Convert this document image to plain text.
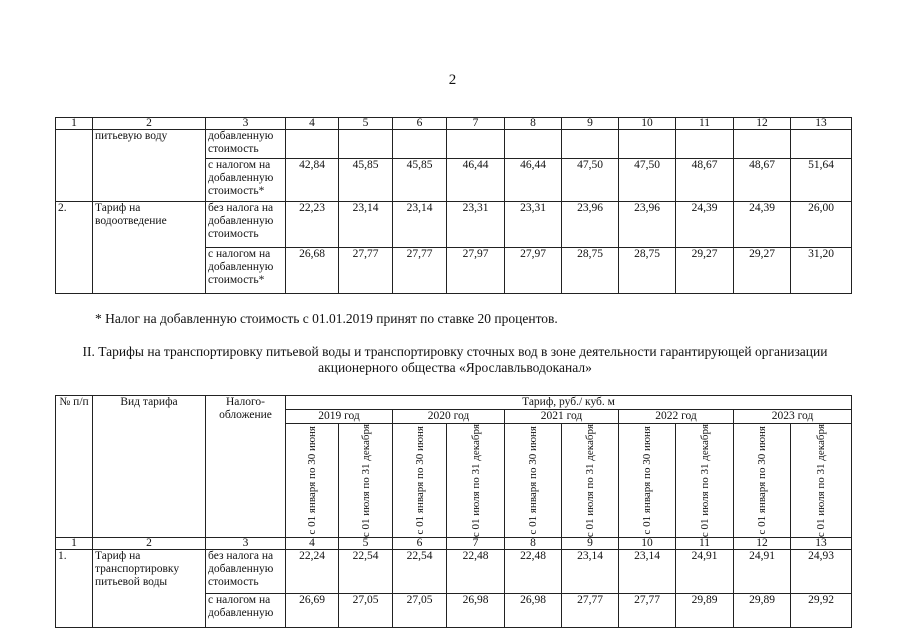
2
1	2	3	4	5	6	7	8	9	10	11	12	13
	питьевую воду	добавленную стоимость										
		с налогом на добавленную стоимость*	42,84	45,85	45,85	46,44	46,44	47,50	47,50	48,67	48,67	51,64
2.	Тариф на водоотведение	без налога на добавленную стоимость	22,23	23,14	23,14	23,31	23,31	23,96	23,96	24,39	24,39	26,00
		с налогом на добавленную стоимость*	26,68	27,77	27,77	27,97	27,97	28,75	28,75	29,27	29,27	31,20
* Налог на добавленную стоимость с 01.01.2019 принят по ставке 20 процентов.
II. Тарифы на транспортировку питьевой воды и транспортировку сточных вод в зоне деятельности гарантирующей организации акционерного общества «Ярославльводоканал»
№ п/п	Вид тарифа	Налого-обложение	Тариф, руб./ куб. м									
			2019 год		2020 год		2021 год		2022 год		2023 год	

			с 01 января по 30 июня	с 01 июля по 31 декабря	с 01 января по 30 июня	с 01 июля по 31 декабря	с 01 января по 30 июня	с 01 июля по 31 декабря	с 01 января по 30 июня	с 01 июля по 31 декабря	с 01 января по 30 июня	с 01 июля по 31 декабря

1	2	3	4	5	6	7	8	9	10	11	12	13
1.	Тариф на транспортировку питьевой воды	без налога на добавленную стоимость	22,24	22,54	22,54	22,48	22,48	23,14	23,14	24,91	24,91	24,93
		с налогом на добавленную	26,69	27,05	27,05	26,98	26,98	27,77	27,77	29,89	29,89	29,92
